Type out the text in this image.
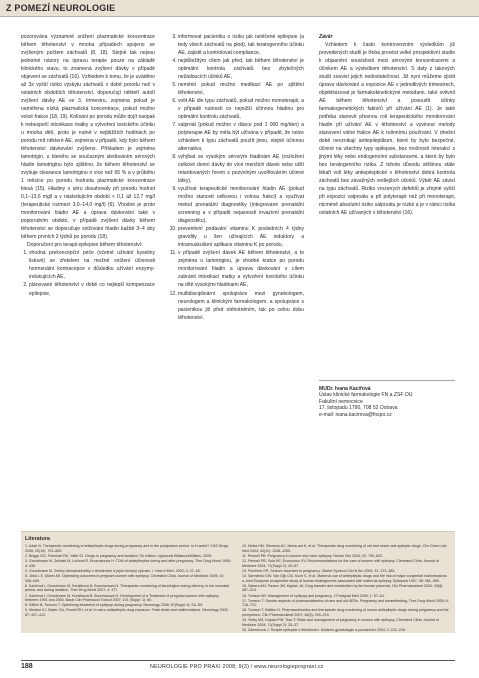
Z POMEZÍ NEUROLOGIE

pozorována významně snížení plazmatické koncentrace během těhotenství v mnoha případech spojeno se zvýšeným počtem záchvatů (8, 18). Stejně tak nejsou jednotné názory na úpravu terapie pouze na základě klinického stavu, to znamená zvýšení dávky v případě objevení se záchvatů (16). Vzhledem k tomu, že je uváděno až 3x vyšší riziko výskytu záchvatů v době porodu než v ostatních obdobích těhotenství, doporučují někteří autoři zvýšení dávky AE ve 3. trimestru, zejména pokud je naměřena nízká plazmatická koncentrace, pokud možno volné frakce (18, 19). Kolísání po porodu může dojít naopak k nebezpečí intoxikace matky a vytvoření toxického účinku u mnoha dětí, proto je nutné v nejbližších hodinách po porodu mít některé AE, zejména v případě, kdy bylo během těhotenství dávkování zvýšeno. Příkladem je zejména lamotrigin, u kterého se současným sledováním sérových hladin lamotriginu bylo zjištěno, že během těhotenství se zvyšuje clearance lamotriginu o více než 65 % a v průběhu 1 měsíce po porodu hodnota plazmatické koncentrace klesá (15). Hladiny v séru dosahovaly při porodu hodnot 0,1–13,6 mg/l a v následujícím období < 0,1 až 12,7 mg/l (terapeutické rozmezí 3,0–14,0 mg/l) (6). Vhodné je proto monitorování hladin AE a úprava dávkování také v poporodním období, v případě zvýšení dávky během těhotenství se doporučuje snižování hladin každé 3–4 dny během prvních 2 týdnů po porodu (18).

Doporučení pro terapii epilepsie během těhotenství:

1. vhodná prekoncepční péče (včetně užívání kyseliny listové) se zřetelem na možné snížení účinnosti hormonální kontracepce v důsledku užívání enzymy-indukujících AE,
2. plánované těhotenství v době co nejlepší kompenzace epilepsie,
3. informovat pacientku o riziku jak neléčené epilepsie (a tedy všech záchvatů na plod), tak teratogenního účinku AE, zajistit a kontrolovat compliance,
4. nejdůležitým cílem jak před, tak během těhotenství je optimální kontrola záchvatů bez zbytečných nežádoucích účinků AE,
5. neměnit pokud možno medikaci AE po zjištění těhotenství,
6. volit AE dle typu záchvatů, pokud možno monoterapii, a v případě nutnosti co nejnižší účinnou hladinu pro optimální kontrolu záchvatů,
7. valproát (pokud možno v dávce pod 1 000 mg/den) a polyterapie AE by měla být užívána v případě, že nelze vzhledem k typu záchvatů použít jinou, stejně účinnou alternativu,
8. vyhýbat se vysokým sérovým hladinám AE (rozložení celkové denní dávky do více menších dávek nebo užití retardovaných forem s pozvolným uvolňováním účinné látky),
9. využívat terapeutické monitorování hladin AE (pokud možno stanovit celkovou i volnou frakci) a využívat metod prenatální diagnostiky (integrované prenatální screening a v případě nejasností invazivní prenatální diagnostiku),
10. preventivní podávání vitaminu K posledních 4 týdny gravidity u žen užívajících AE induktory a intramuskulární aplikace vitaminu K po porodu,
11. v případě zvýšení dávek AE během těhotenství, a to zejména u lamotriginu, je vhodné kratce po porodu monitorování hladin a úprava dávkování s cílem zabránit intoxikaci matky a vytvoření toxického účinku na dítě vysokými hladinami AE,
12. multidisciplinární spolupráce mezi gynekologem, neurologem a klinickým farmakologem, a spolupráce s pacientkou již před otěhotněním, tak po celou dobu těhotenství.

Závěr

Vzhledem k často kontroverzním výsledkům již provedených studií je třeba provést velké prospektivní studie k objasnění souvislosti mezi sérovými koncentracemi a účinkem AE a výsledkem těhotenství. S daty z takových studií souvisí jejich nedostatečnost. Již nyní můžeme zjistit úpravu dávkování a expozice AE v jednotlivých trimestrech, objektivizovat je farmakokinetickými metodami, také ovlivnit AE během těhotenství a posoudit účinky farmakogenetických faktorů při užívání AE (1). Je také potřeba stanovit přesnou roli terapeutického monitorování hladin při užívání AE v těhotenství a vyvinout metody stanovení volné frakce AE k rutinnímu používání. V dnešní době nevznikají antiepileptikum, které by bylo bezpečné, účinné na všechny typy epilepsie, bez možností interakcí s jinými léky nebo endogenními substancemi, a které by bylo bez teratogenního rizika. Z tohoto důvodu většinou stále lékaři volí léky antiepileptické v těhotenství dobrá kontrola záchvatů bez závažných vedlejších účinků. Výběr AE závisí na typu záchvatů. Riziko vrozených defektů je zřejmě vyšší při expozici valproátu a při polyterapii než při monoterapii, nicméně absolutní riziko valproátu je nízké a je v rámci rizika ostatních AE užívaných v těhotenství (16).

MUDr. Ivana Kacířová
Ústav klinické farmakologie FN a ZSF OU
Fakultní nemocnice
17. listopadu 1790, 708 52 Ostrava
e-mail: ivana.kacirova@fnspo.cz
Literatura

1. Adab N. Therapeutic monitoring of antiepileptic drugs during pregnancy and in the postpartum period. Is it useful? CNS Drugs 2006; 20(10): 791–800.

2. Briggs GG, Freeman RK, Yaffe SJ. Drugs in pregnancy and lactation 7th edition. Lippincott Williams&Wilkins, 2005.

3. Grundmann M, Zelinski M, Ložiová R, Brozmanova H. TDM of antiepileptics during and after pregnancy. Ther Drug Monit 1995; 4: 435.

4. Grundmann M. Změny farmakokinetiky v těhotenství a jejich klinický význam. I. Interní Med. 2003; 3: 47–48.

5. Jaha L E, Morris MI. Optimizing outcomes in pregnant women with epilepsy. Cleveland Clinic Journal of Medicine 2005; 10: 938–945.

6. Kacířová I, Grundmann M, Koristková B, Brozmanova H. Therapeutic monitoring of lamotrigine during delivery, in the neonatal period, and during lactation. Ther Drug Monit 2007; 4: 477.

7. Kacířová I, Grundmann M, Koristková B, Brozmanova H. Development of a Treatment of pregnant women with epilepsy between 1991 and 2006. Basic Clin Pharmacol Toxicol 2007; 101 (Suppl. 1): 60.

8. Källén B. Tomson T. Optimizing treatment of epilepsy during pregnancy. Neurology 2006; 67(Suppl 4): S4–S9.

9. Meador KJ, Baker GA, Finnell RH, et al. In utero antiepileptic drug exposure. Fetal death and malformations. Neurology 2006; 67: 407–412.

10. Nesla HM, Siemens AC, Nesla ard K, et al. Therapeutic drug monitoring of old and newer anti-epileptic drugs. Clin Chem Lab Med 2004; 42(11): 1228–1255.

11. Pennell PB. Pregnancy in women who have epilepsy. Neurol Clin 2004; 22: 799–820.

12. Pennell PB, Sole KE, Economou VV. Recommendations for the care of women with epilepsy. Cleveland Clinic Journal of Medicine 2004; 71(Suppl 2): 49–57.

13. Pschirrer ER. Seizure disorders in pregnancy. Obstet Gynecol Clin N Am 2004; 31: 373–384.

14. Sarmiento DW, Van Dijk CM, Koch S, et al. Maternal use of antiepileptic drugs and the risk of major congenital malformations: a Joint European prospective study of human teratogenesis associated with maternal epilepsy. Epilepsia 1997; 38: 981–990.

15. Sabers AM, Paxton JW, Kaplan JA. Drug transfer and metabolism by the human placenta. Clin Pharmacokinet 2004; 43(8): 487–514.

16. Tomson BV. Management of epilepsy and pregnancy. J Postgrad Med 2006; 1: 57–64.

17. Tomson T. Gender aspects of pharmacokinetics of new and old AEDs. Pregnancy and breastfeeding. Ther Drug Monit 2005; 6: 718–721.

18. Tomson T, Battino D. Pharmacokinetics and therapeutic drug monitoring of newer antiepileptic drugs during pregnancy and the puerperium. Clin Pharmacokinet 2007; 46(3): 209–219.

19. Yerby MS, Kaplan PW, Tran T. Risks and management of pregnancy in women with epilepsy. Cleveland Clinic Journal of Medicine 2004; 71(Suppl 2): 25–37.

20. Zdeneková J. Terapie epilepsie v těhotenství. Moderní gynekologie a porodnictví 2004; 2: 222–228.

188	NEUROLOGIE PRO PRAXI 2008; 9(3) / www.neurologiepropraxi.cz
